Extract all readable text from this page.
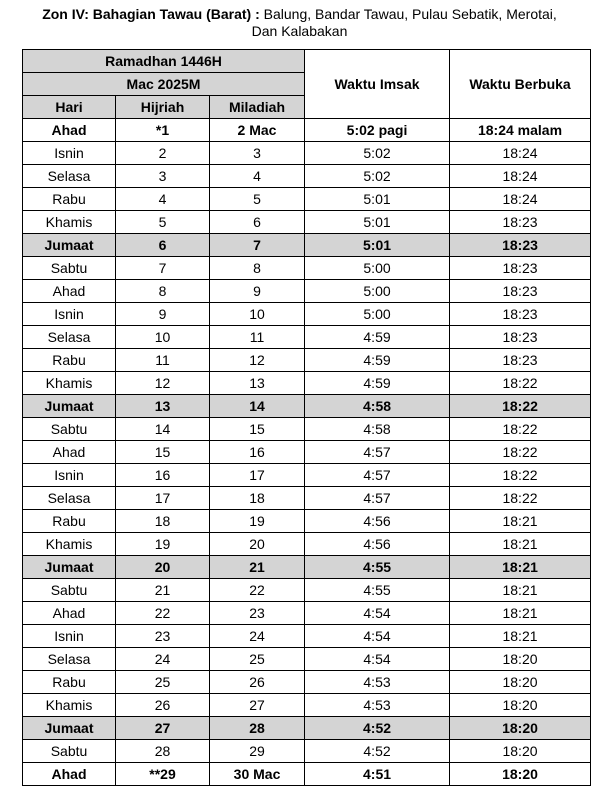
Zon IV: Bahagian Tawau (Barat) : Balung, Bandar Tawau, Pulau Sebatik, Merotai,
Dan Kalabakan
Ramadhan 1446H			Waktu Imsak	Waktu Berbuka
Mac 2025M				
Hari	Hijriah	Miladiah		
Ahad	*1	2 Mac	5:02 pagi	18:24 malam
Isnin	2	3	5:02	18:24
Selasa	3	4	5:02	18:24
Rabu	4	5	5:01	18:24
Khamis	5	6	5:01	18:23
Jumaat	6	7	5:01	18:23
Sabtu	7	8	5:00	18:23
Ahad	8	9	5:00	18:23
Isnin	9	10	5:00	18:23
Selasa	10	11	4:59	18:23
Rabu	11	12	4:59	18:23
Khamis	12	13	4:59	18:22
Jumaat	13	14	4:58	18:22
Sabtu	14	15	4:58	18:22
Ahad	15	16	4:57	18:22
Isnin	16	17	4:57	18:22
Selasa	17	18	4:57	18:22
Rabu	18	19	4:56	18:21
Khamis	19	20	4:56	18:21
Jumaat	20	21	4:55	18:21
Sabtu	21	22	4:55	18:21
Ahad	22	23	4:54	18:21
Isnin	23	24	4:54	18:21
Selasa	24	25	4:54	18:20
Rabu	25	26	4:53	18:20
Khamis	26	27	4:53	18:20
Jumaat	27	28	4:52	18:20
Sabtu	28	29	4:52	18:20
Ahad	**29	30 Mac	4:51	18:20
